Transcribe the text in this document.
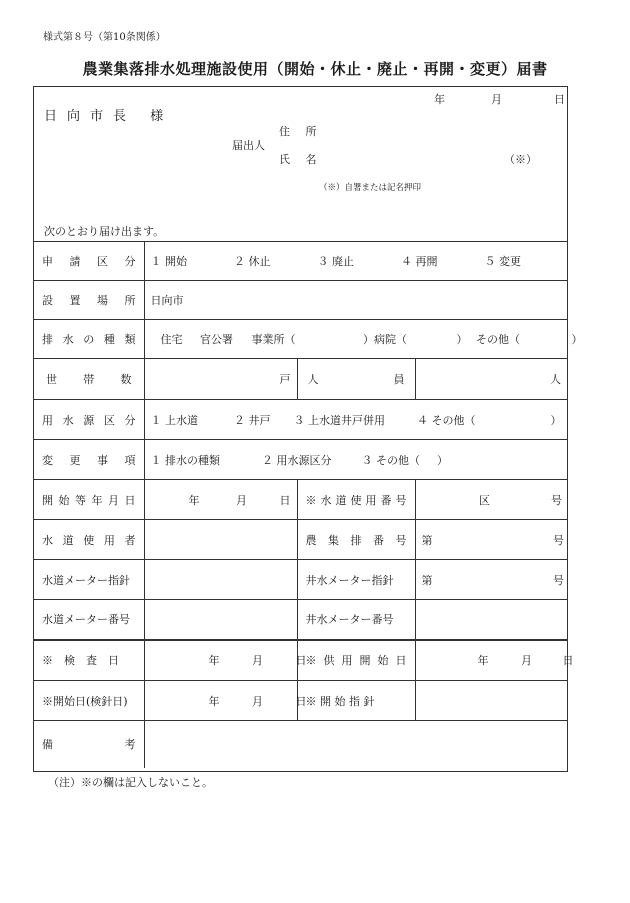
様式第８号（第10条関係）
農業集落排水処理施設使用（開始・休止・廃止・再開・変更）届書
年	月	日
日向市長 様
住 所
届出人
氏 名	（※）
（※）自署または記名押印
次のとおり届け出ます。
申請区分	１ 開始 ２ 休止 ３ 廃止 ４ 再開 ５ 変更		
設置場所	日向市		
排水の種類	住宅 官公署 事業所（ ）病院（ ） その他（ ）		
世帯数	戸	人員	人
用水源区分	１ 上水道 ２ 井戸 ３ 上水道井戸併用 ４ その他（ ）		
変更事項	１ 排水の種類 ２ 用水源区分 ３ その他（ ）		
開始等年月日	年 月 日	※水道使用番号	区 号
水道使用者		農集排番号	第 号
水道メーター指針		井水メーター指針	第 号
水道メーター番号		井水メーター番号	
※　検　査　日	年 月 日	※供用開始日	年 月 日
※開始日(検針日)	年 月 日	※ 開 始 指 針	
備考			
（注）※の欄は記入しないこと。
